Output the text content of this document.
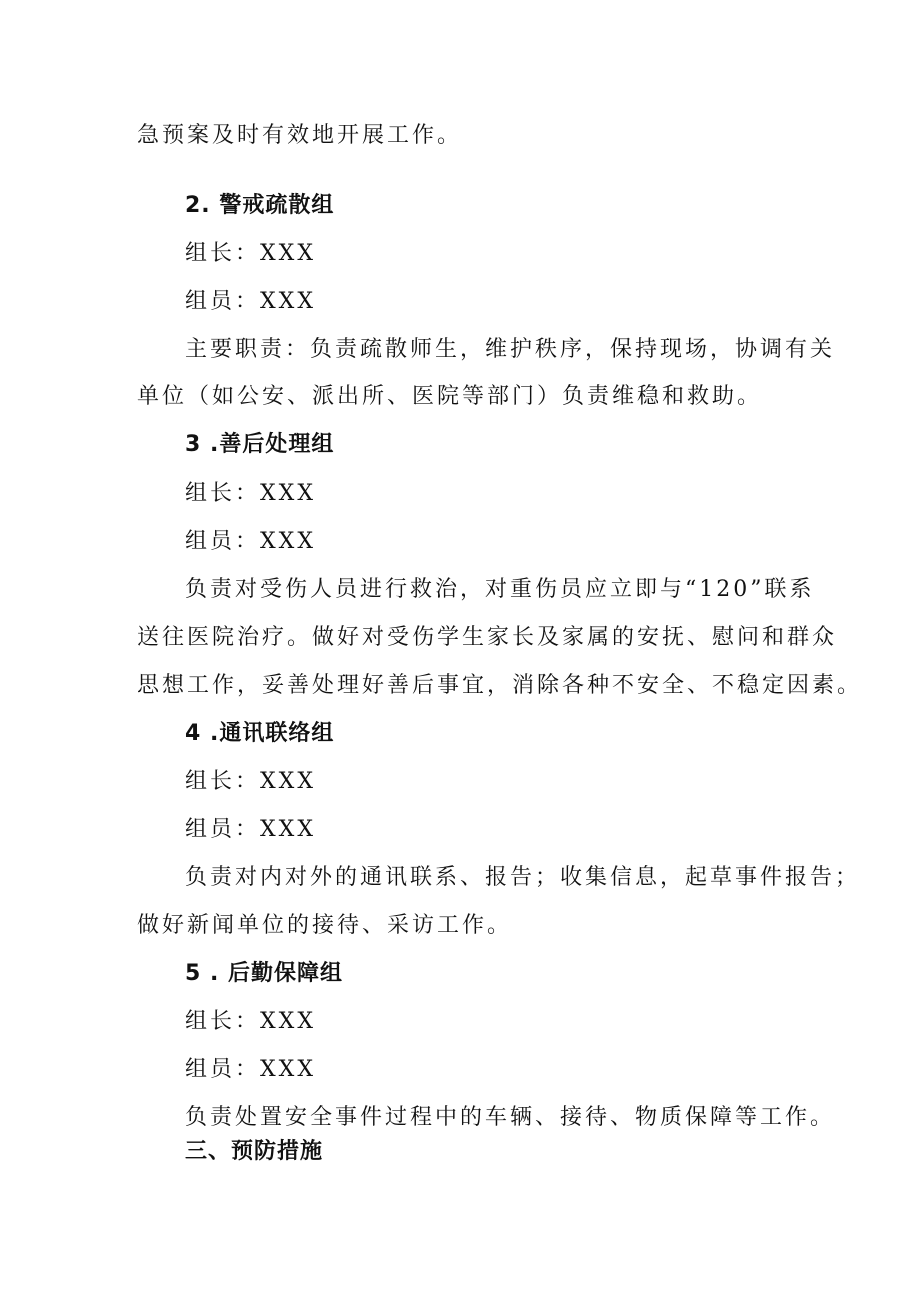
急预案及时有效地开展工作。
2. 警戒疏散组
组长：XXX
组员：XXX
主要职责：负责疏散师生，维护秩序，保持现场，协调有关
单位（如公安、派出所、医院等部门）负责维稳和救助。
3 .善后处理组
组长：XXX
组员：XXX
负责对受伤人员进行救治，对重伤员应立即与“120”联系
送往医院治疗。做好对受伤学生家长及家属的安抚、慰问和群众
思想工作，妥善处理好善后事宜，消除各种不安全、不稳定因素。
4 .通讯联络组
组长：XXX
组员：XXX
负责对内对外的通讯联系、报告；收集信息，起草事件报告；
做好新闻单位的接待、采访工作。
5 . 后勤保障组
组长：XXX
组员：XXX
负责处置安全事件过程中的车辆、接待、物质保障等工作。
三、预防措施
